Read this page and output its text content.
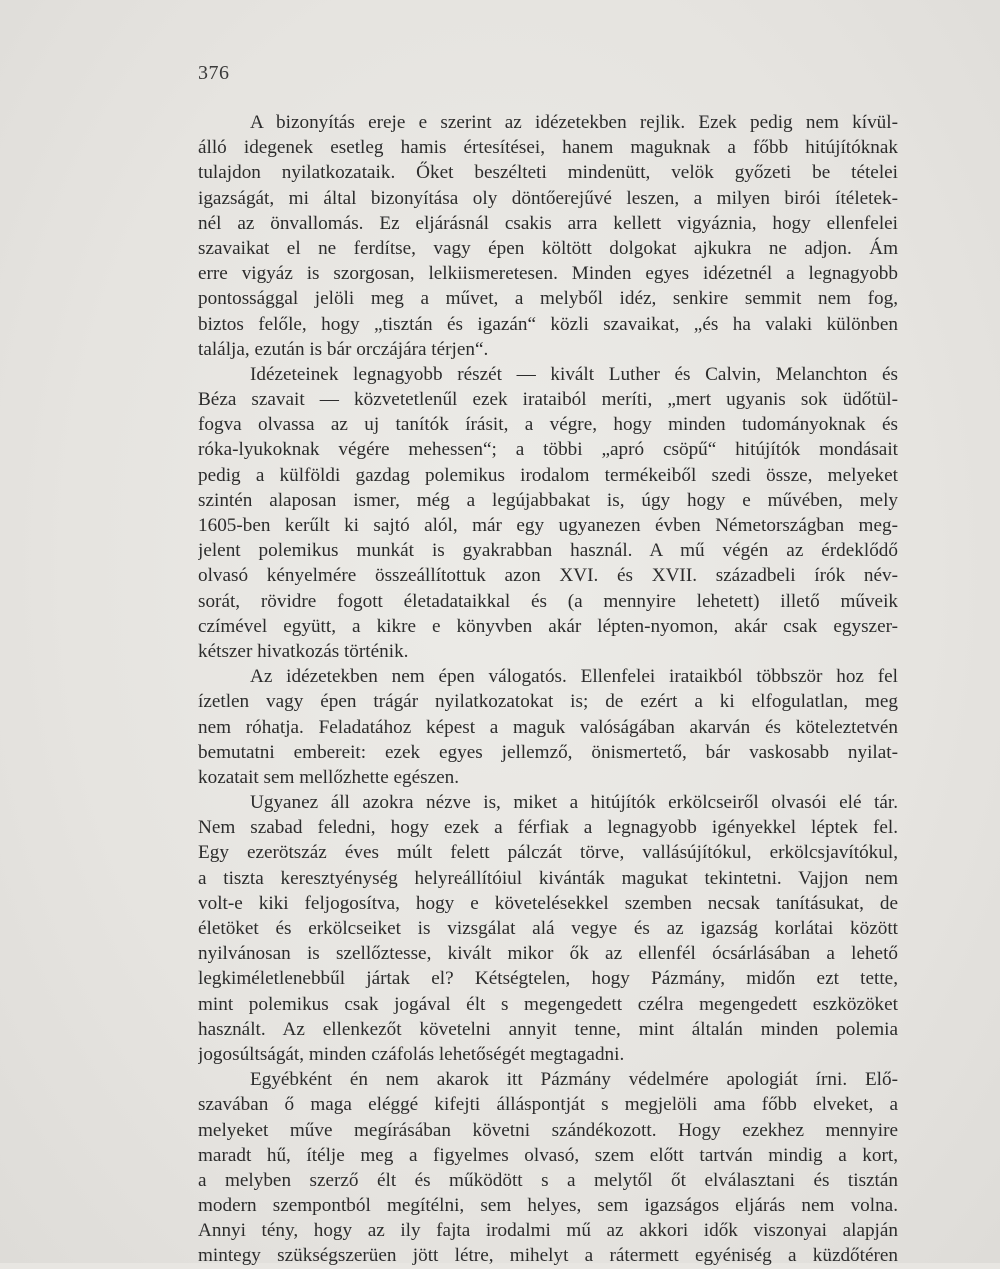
376
A bizonyítás ereje e szerint az idézetekben rejlik. Ezek pedig nem kívül-
álló idegenek esetleg hamis értesítései, hanem maguknak a főbb hitújítóknak
tulajdon nyilatkozataik. Őket beszélteti mindenütt, velök győzeti be tételei
igazságát, mi által bizonyítása oly döntőerejűvé leszen, a milyen birói ítéletek-
nél az önvallomás. Ez eljárásnál csakis arra kellett vigyáznia, hogy ellenfelei
szavaikat el ne ferdítse, vagy épen költött dolgokat ajkukra ne adjon. Ám
erre vigyáz is szorgosan, lelkiismeretesen. Minden egyes idézetnél a legnagyobb
pontossággal jelöli meg a művet, a melyből idéz, senkire semmit nem fog,
biztos felőle, hogy „tisztán és igazán“ közli szavaikat, „és ha valaki különben
találja, ezután is bár orczájára térjen“.
Idézeteinek legnagyobb részét — kivált Luther és Calvin, Melanchton és
Béza szavait — közvetetlenűl ezek irataiból meríti, „mert ugyanis sok üdőtül-
fogva olvassa az uj tanítók írásit, a végre, hogy minden tudományoknak és
róka-lyukoknak végére mehessen“; a többi „apró csöpű“ hitújítók mondásait
pedig a külföldi gazdag polemikus irodalom termékeiből szedi össze, melyeket
szintén alaposan ismer, még a legújabbakat is, úgy hogy e művében, mely
1605-ben kerűlt ki sajtó alól, már egy ugyanezen évben Németországban meg-
jelent polemikus munkát is gyakrabban használ. A mű végén az érdeklődő
olvasó kényelmére összeállítottuk azon XVI. és XVII. századbeli írók név-
sorát, rövidre fogott életadataikkal és (a mennyire lehetett) illető műveik
czímével együtt, a kikre e könyvben akár lépten-nyomon, akár csak egyszer-
kétszer hivatkozás történik.
Az idézetekben nem épen válogatós. Ellenfelei irataikból többször hoz fel
ízetlen vagy épen trágár nyilatkozatokat is; de ezért a ki elfogulatlan, meg
nem róhatja. Feladatához képest a maguk valóságában akarván és köteleztetvén
bemutatni embereit: ezek egyes jellemző, önismertető, bár vaskosabb nyilat-
kozatait sem mellőzhette egészen.
Ugyanez áll azokra nézve is, miket a hitújítók erkölcseiről olvasói elé tár.
Nem szabad feledni, hogy ezek a férfiak a legnagyobb igényekkel léptek fel.
Egy ezerötszáz éves múlt felett pálczát törve, vallásújítókul, erkölcsjavítókul,
a tiszta keresztyénység helyreállítóiul kivánták magukat tekintetni. Vajjon nem
volt-e kiki feljogosítva, hogy e követelésekkel szemben necsak tanításukat, de
életöket és erkölcseiket is vizsgálat alá vegye és az igazság korlátai között
nyilvánosan is szellőztesse, kivált mikor ők az ellenfél ócsárlásában a lehető
legkiméletlenebbűl jártak el? Kétségtelen, hogy Pázmány, midőn ezt tette,
mint polemikus csak jogával élt s megengedett czélra megengedett eszközöket
használt. Az ellenkezőt követelni annyit tenne, mint általán minden polemia
jogosúltságát, minden czáfolás lehetőségét megtagadni.
Egyébként én nem akarok itt Pázmány védelmére apologiát írni. Elő-
szavában ő maga eléggé kifejti álláspontját s megjelöli ama főbb elveket, a
melyeket műve megírásában követni szándékozott. Hogy ezekhez mennyire
maradt hű, ítélje meg a figyelmes olvasó, szem előtt tartván mindig a kort,
a melyben szerző élt és működött s a melytől őt elválasztani és tisztán
modern szempontból megítélni, sem helyes, sem igazságos eljárás nem volna.
Annyi tény, hogy az ily fajta irodalmi mű az akkori idők viszonyai alapján
mintegy szükségszerüen jött létre, mihelyt a rátermett egyéniség a küzdőtéren
